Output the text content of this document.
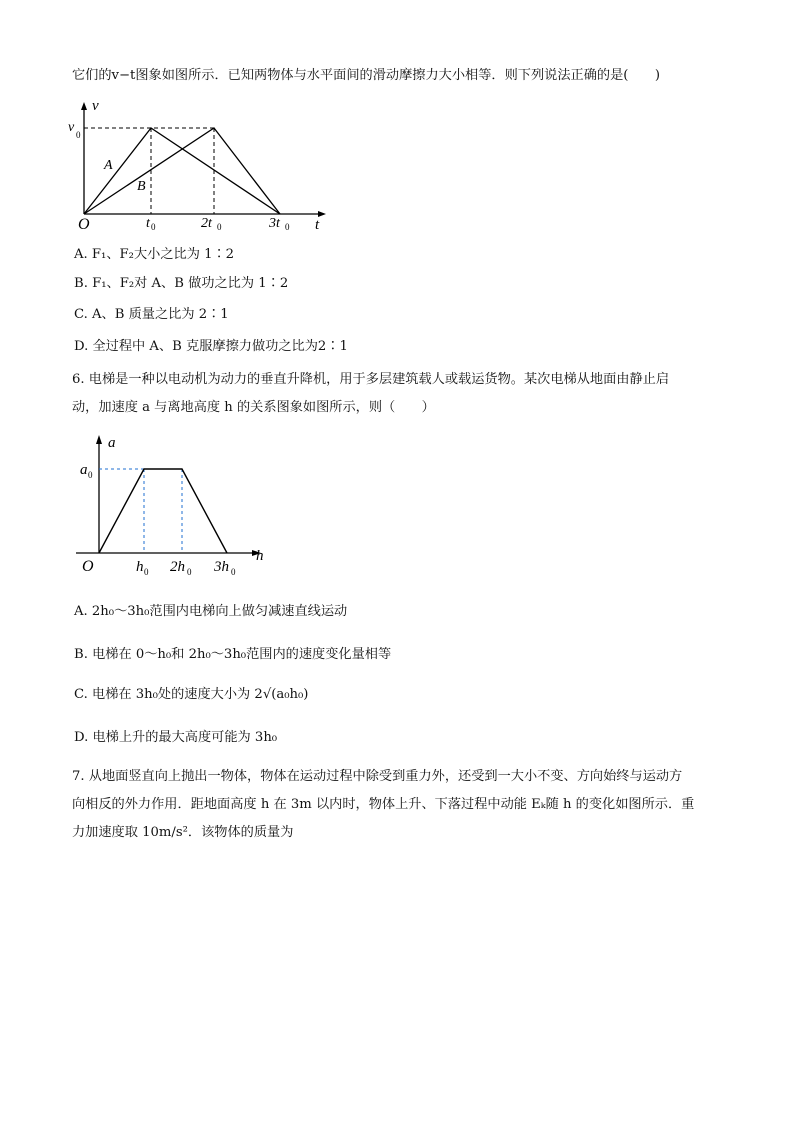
它们的v−t图象如图所示．已知两物体与水平面间的滑动摩擦力大小相等．则下列说法正确的是(　　)
v
v 0
A
B
O	t 0	2t 0	3t 0 t
A. F₁、F₂大小之比为 1∶2
B. F₁、F₂对 A、B 做功之比为 1∶2
C. A、B 质量之比为 2∶1
D. 全过程中 A、B 克服摩擦力做功之比为2∶1
6. 电梯是一种以电动机为动力的垂直升降机，用于多层建筑载人或载运货物。某次电梯从地面由静止启
动，加速度 a 与离地高度 h 的关系图象如图所示，则（　　）
a
a 0
O	h 0 2h 0 3h 0
h
A. 2h₀～3h₀范围内电梯向上做匀减速直线运动
B. 电梯在 0～h₀和 2h₀～3h₀范围内的速度变化量相等
C. 电梯在 3h₀处的速度大小为 2√(a₀h₀)
D. 电梯上升的最大高度可能为 3h₀
7. 从地面竖直向上抛出一物体，物体在运动过程中除受到重力外，还受到一大小不变、方向始终与运动方
向相反的外力作用．距地面高度 h 在 3m 以内时，物体上升、下落过程中动能 Eₖ随 h 的变化如图所示．重
力加速度取 10m/s²．该物体的质量为
